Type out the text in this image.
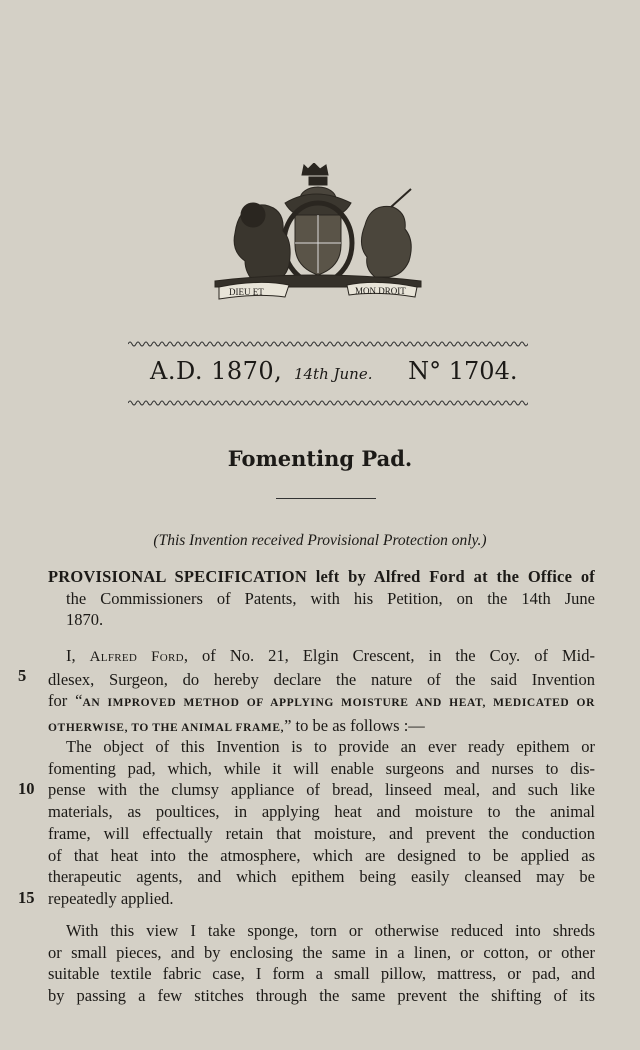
DIEU ET	MON DROIT
A.D. 1870, 14th June. N° 1704.
Fomenting Pad.
(This Invention received Provisional Protection only.)
PROVISIONAL SPECIFICATION left by Alfred Ford at the Office of
the Commissioners of Patents, with his Petition, on the 14th June
1870.
I, Alfred Ford, of No. 21, Elgin Crescent, in the Coy. of Mid-
dlesex, Surgeon, do hereby declare the nature of the said Invention
for “AN IMPROVED METHOD OF APPLYING MOISTURE AND HEAT, MEDICATED OR
OTHERWISE, TO THE ANIMAL FRAME,” to be as follows :—
The object of this Invention is to provide an ever ready epithem or
fomenting pad, which, while it will enable surgeons and nurses to dis-
pense with the clumsy appliance of bread, linseed meal, and such like
materials, as poultices, in applying heat and moisture to the animal
frame, will effectually retain that moisture, and prevent the conduction
of that heat into the atmosphere, which are designed to be applied as
therapeutic agents, and which epithem being easily cleansed may be
repeatedly applied.
With this view I take sponge, torn or otherwise reduced into shreds
or small pieces, and by enclosing the same in a linen, or cotton, or other
suitable textile fabric case, I form a small pillow, mattress, or pad, and
by passing a few stitches through the same prevent the shifting of its
5
10
15
